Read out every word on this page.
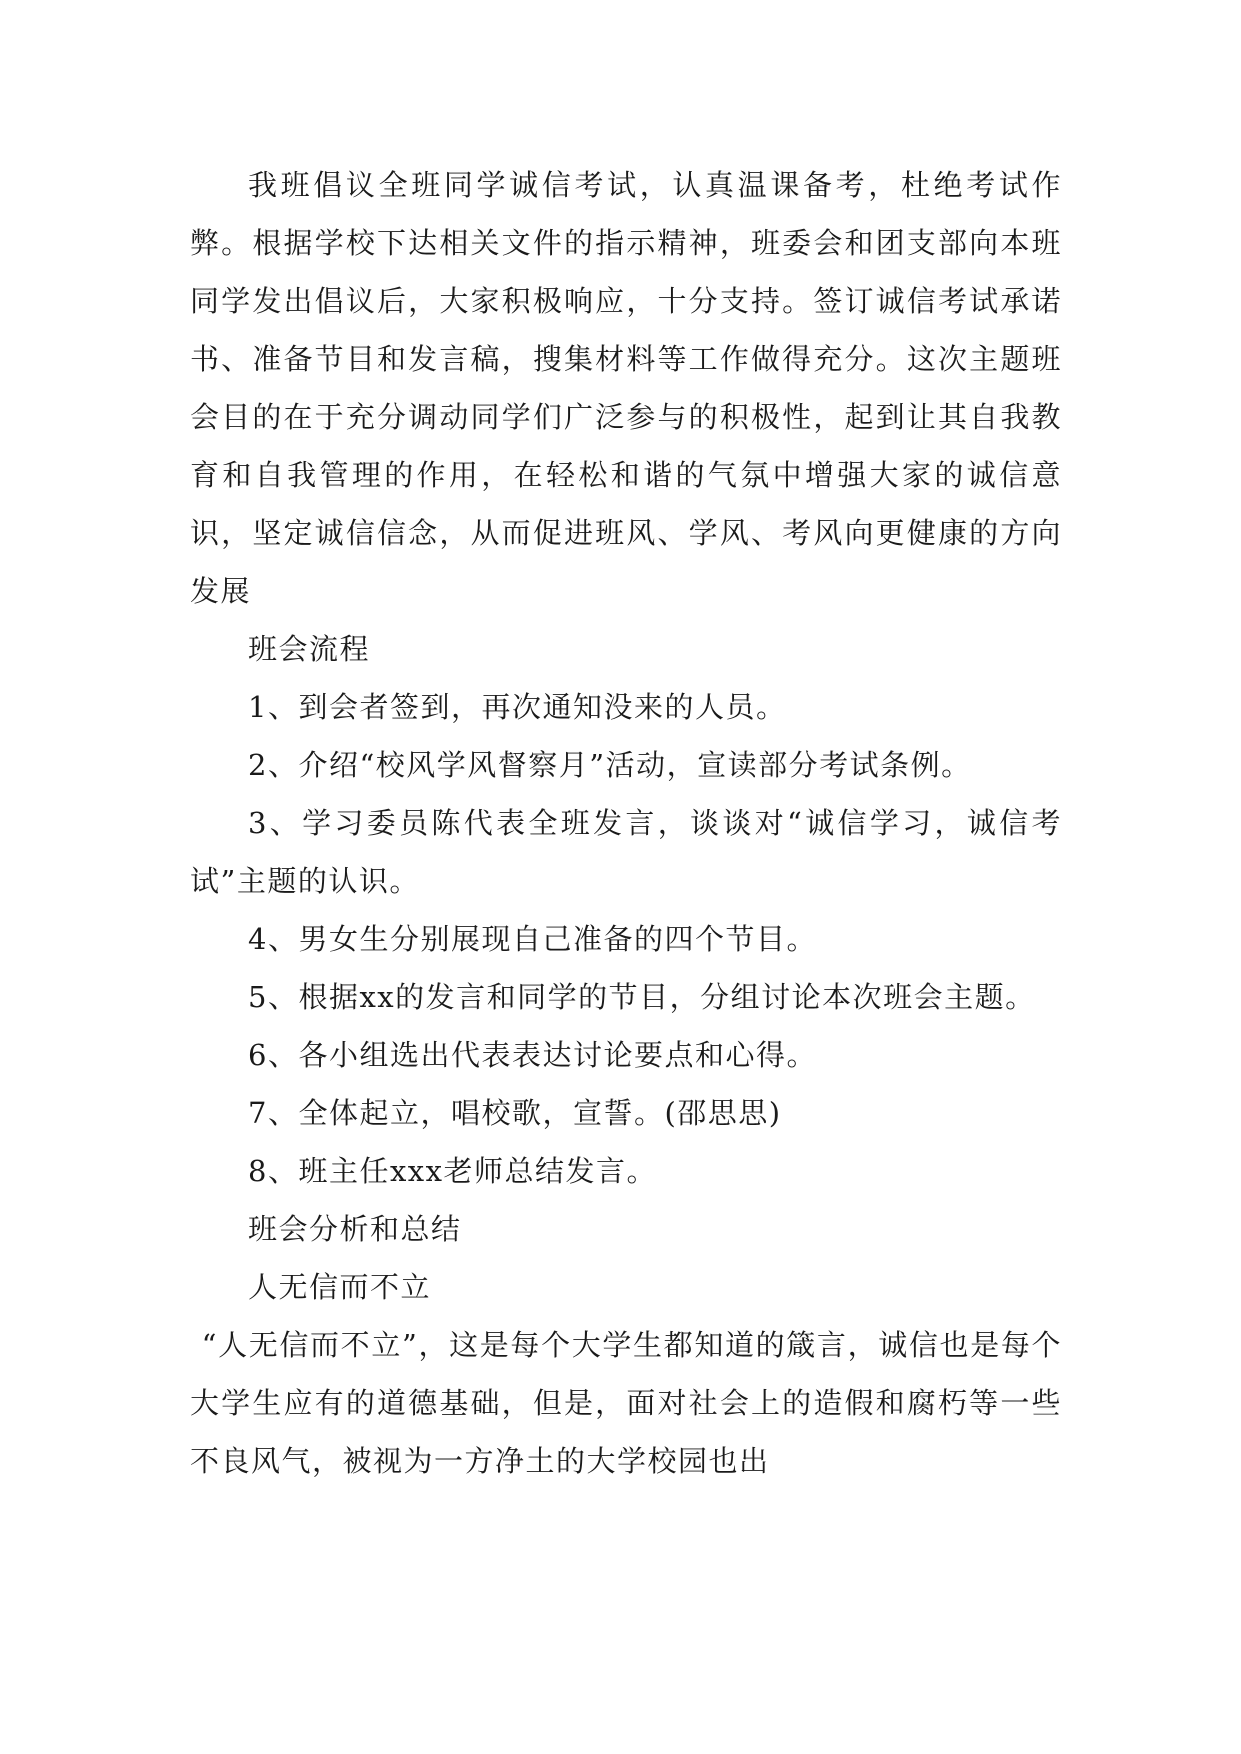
我班倡议全班同学诚信考试，认真温课备考，杜绝考试作弊。根据学校下达相关文件的指示精神，班委会和团支部向本班同学发出倡议后，大家积极响应，十分支持。签订诚信考试承诺书、准备节目和发言稿，搜集材料等工作做得充分。这次主题班会目的在于充分调动同学们广泛参与的积极性，起到让其自我教育和自我管理的作用，在轻松和谐的气氛中增强大家的诚信意识，坚定诚信信念，从而促进班风、学风、考风向更健康的方向发展

班会流程

1、到会者签到，再次通知没来的人员。

2、介绍“校风学风督察月”活动，宣读部分考试条例。

3、学习委员陈代表全班发言，谈谈对“诚信学习，诚信考试”主题的认识。

4、男女生分别展现自己准备的四个节目。

5、根据xx的发言和同学的节目，分组讨论本次班会主题。

6、各小组选出代表表达讨论要点和心得。

7、全体起立，唱校歌，宣誓。(邵思思)

8、班主任xxx老师总结发言。

班会分析和总结

人无信而不立

“人无信而不立”，这是每个大学生都知道的箴言，诚信也是每个大学生应有的道德基础，但是，面对社会上的造假和腐朽等一些不良风气，被视为一方净土的大学校园也出
